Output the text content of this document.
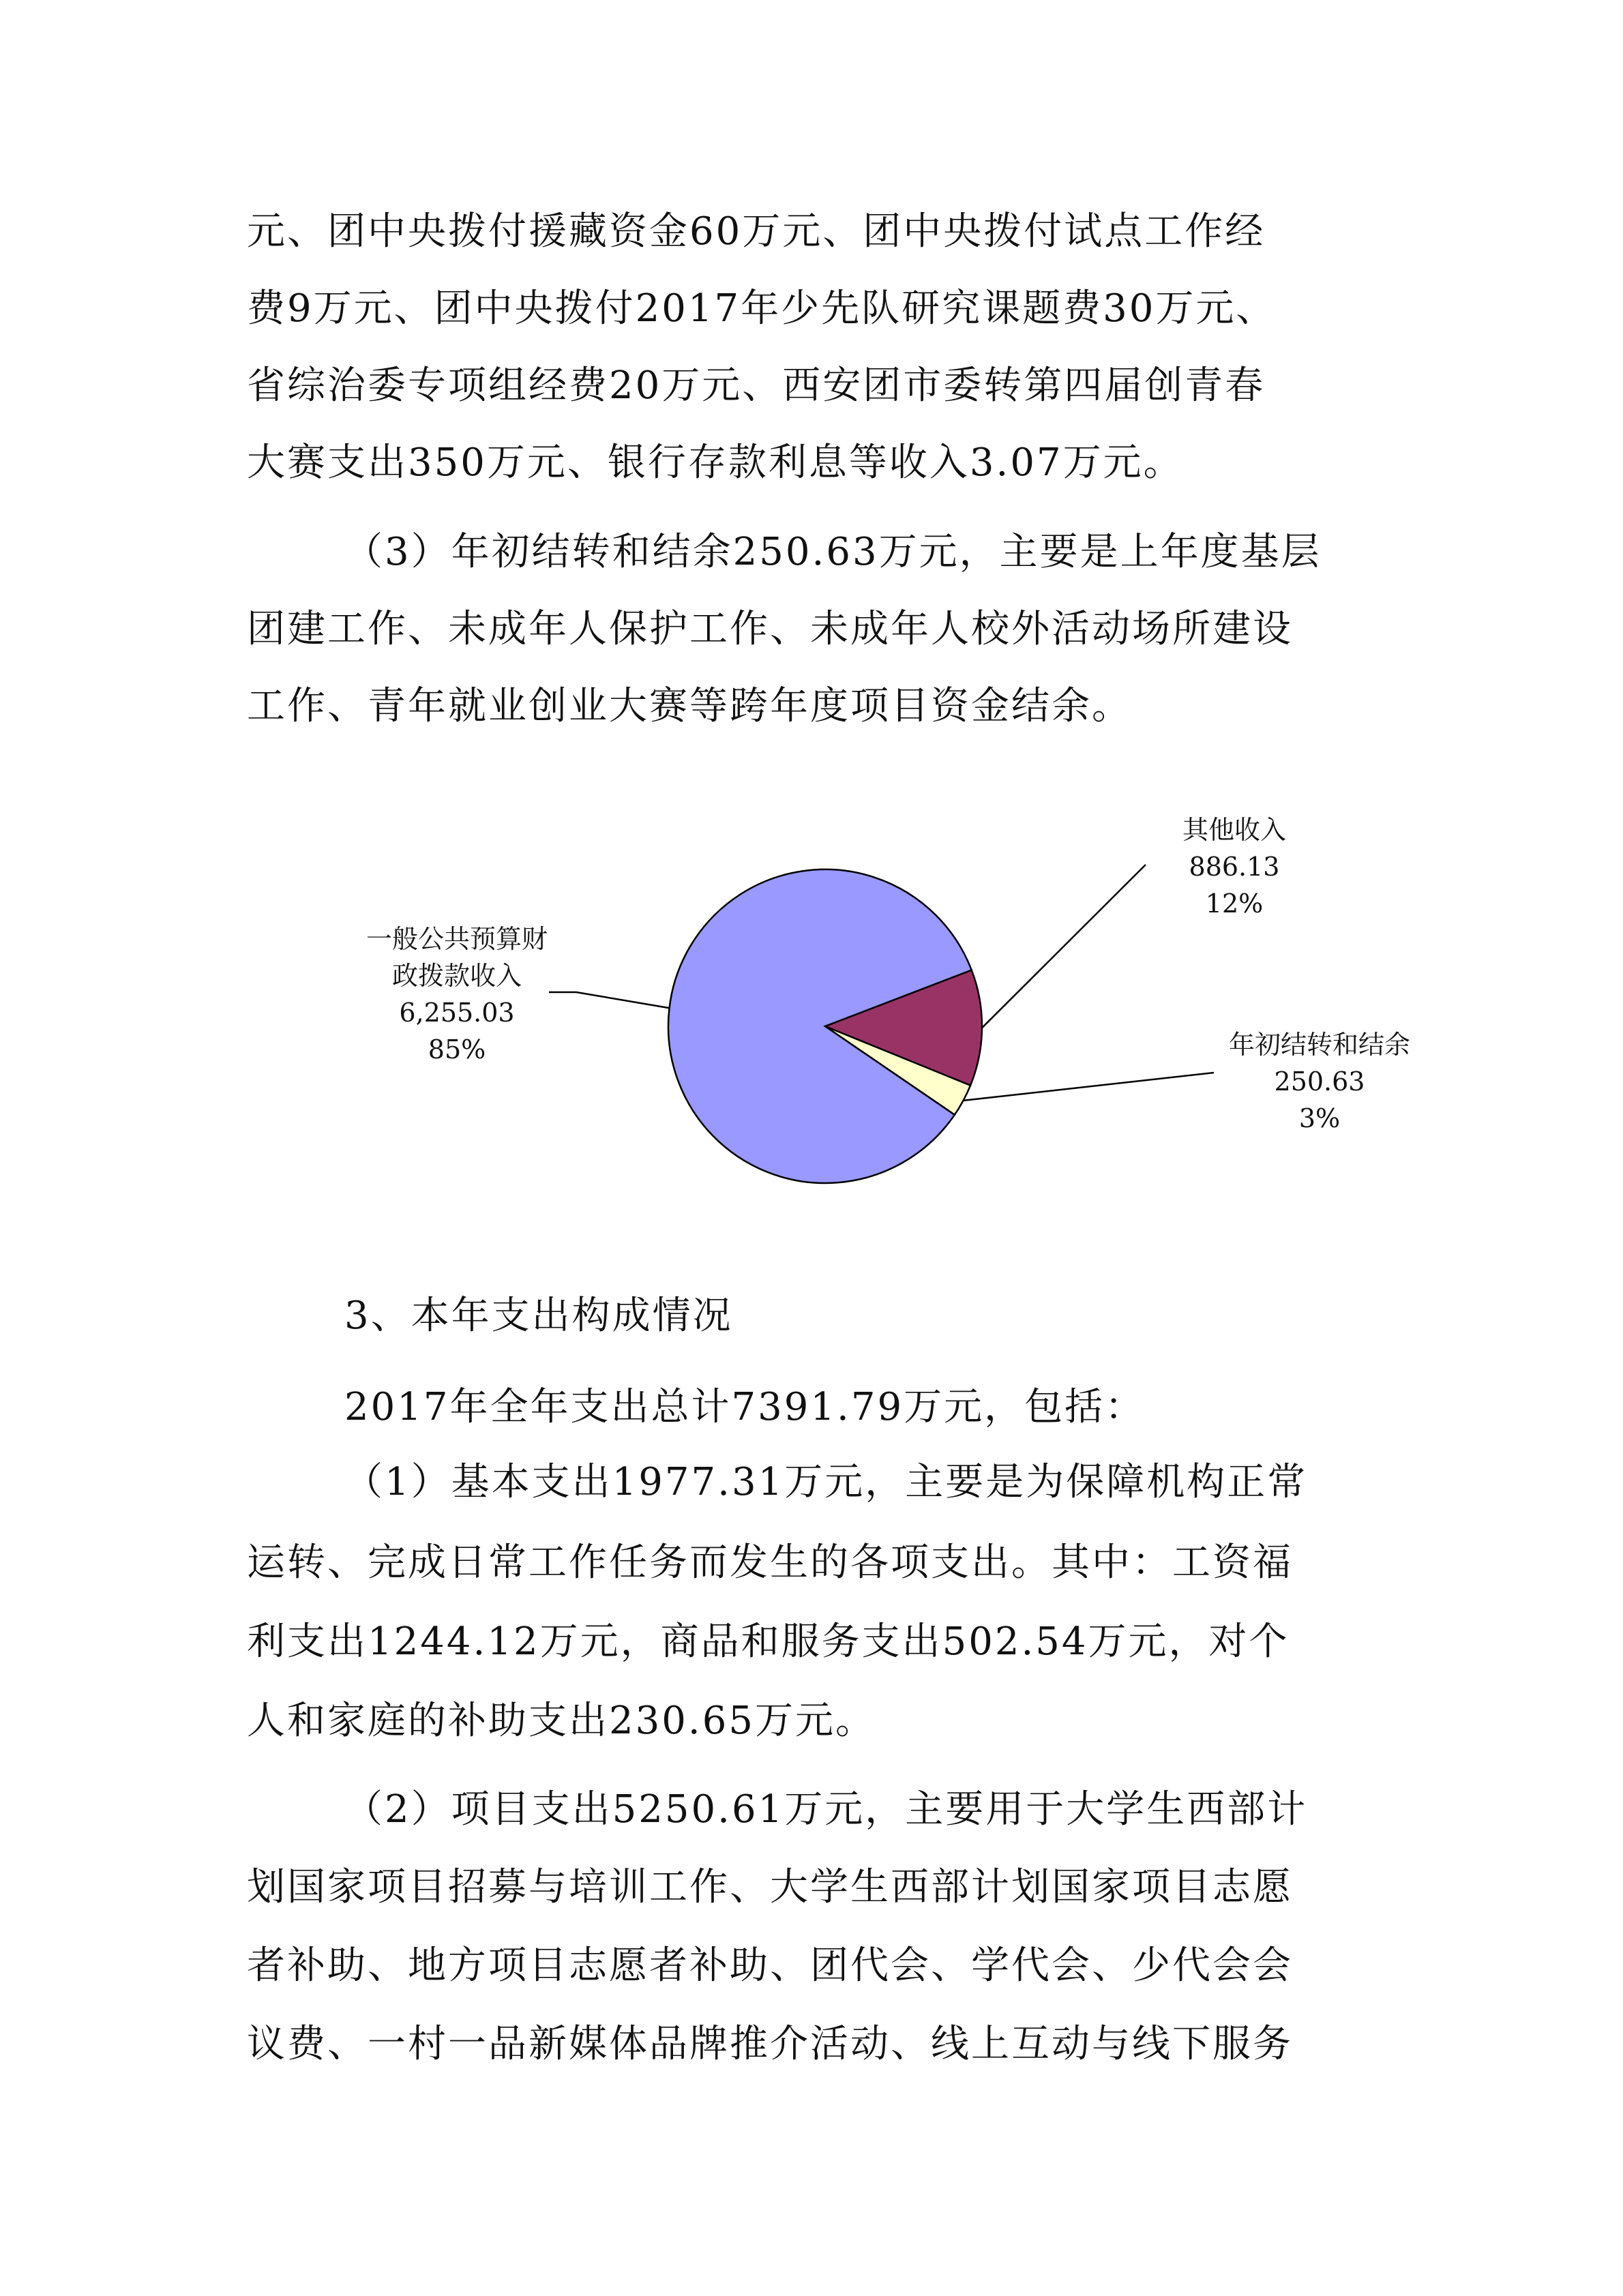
元、团中央拨付援藏资金60万元、团中央拨付试点工作经

费9万元、团中央拨付2017年少先队研究课题费30万元、

省综治委专项组经费20万元、西安团市委转第四届创青春

大赛支出350万元、银行存款利息等收入3.07万元。

（3）年初结转和结余250.63万元，主要是上年度基层

团建工作、未成年人保护工作、未成年人校外活动场所建设

工作、青年就业创业大赛等跨年度项目资金结余。

一般公共预算财
政拨款收入
6,255.03
85%
其他收入
886.13
12%
年初结转和结余
250.63
3%

3、本年支出构成情况

2017年全年支出总计7391.79万元，包括：

（1）基本支出1977.31万元，主要是为保障机构正常

运转、完成日常工作任务而发生的各项支出。其中：工资福

利支出1244.12万元，商品和服务支出502.54万元，对个

人和家庭的补助支出230.65万元。

（2）项目支出5250.61万元，主要用于大学生西部计

划国家项目招募与培训工作、大学生西部计划国家项目志愿

者补助、地方项目志愿者补助、团代会、学代会、少代会会

议费、一村一品新媒体品牌推介活动、线上互动与线下服务
